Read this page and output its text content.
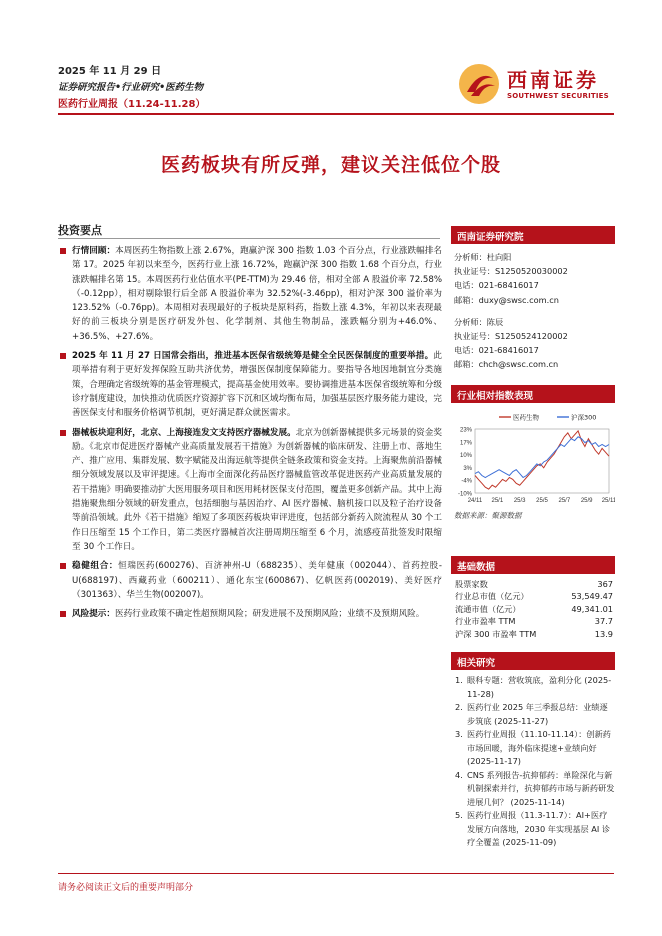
2025 年 11 月 29 日
证券研究报告•行业研究•医药生物
医药行业周报（11.24-11.28）
西南证券
SOUTHWEST SECURITIES
医药板块有所反弹，建议关注低位个股
投资要点

行情回顾：本周医药生物指数上涨 2.67%，跑赢沪深 300 指数 1.03 个百分点，行业涨跌幅排名第 17。2025 年初以来至今，医药行业上涨 16.72%，跑赢沪深 300 指数 1.68 个百分点，行业涨跌幅排名第 15。本周医药行业估值水平(PE-TTM)为 29.46 倍，相对全部 A 股溢价率 72.58%（-0.12pp），相对剔除银行后全部 A 股溢价率为 32.52%(-3.46pp)，相对沪深 300 溢价率为 123.52%（-0.76pp)。本周相对表现最好的子板块是原料药，指数上涨 4.3%，年初以来表现最好的前三板块分别是医疗研发外包、化学制剂、其他生物制品，涨跌幅分别为+46.0%、+36.5%、+27.6%。

2025 年 11 月 27 日国常会指出，推进基本医保省级统筹是健全全民医保制度的重要举措。此项举措有利于更好发挥保险互助共济优势，增强医保制度保障能力。要指导各地因地制宜分类施策，合理确定省级统筹的基金管理模式，提高基金使用效率。要协调推进基本医保省级统筹和分级诊疗制度建设，加快推动优质医疗资源扩容下沉和区域均衡布局，加强基层医疗服务能力建设，完善医保支付和服务价格调节机制，更好满足群众就医需求。

器械板块迎利好，北京、上海接连发文支持医疗器械发展。北京为创新器械提供多元场景的资金奖励。《北京市促进医疗器械产业高质量发展若干措施》为创新器械的临床研发、注册上市、落地生产、推广应用、集群发展、数字赋能及出海远航等提供全链条政策和资金支持。上海聚焦前沿器械细分领域发展以及审评提速。《上海市全面深化药品医疗器械监管改革促进医药产业高质量发展的若干措施》明确要推动扩大医用服务项目和医用耗材医保支付范围，覆盖更多创新产品。其中上海措施聚焦细分领域的研发重点，包括细胞与基因治疗、AI 医疗器械、脑机接口以及粒子治疗设备等前沿领域。此外《若干措施》缩短了多项医药板块审评进度，包括部分新药入院流程从 30 个工作日压缩至 15 个工作日，第二类医疗器械首次注册周期压缩至 6 个月，流感疫苗批签发时限缩至 30 个工作日。

稳健组合：恒瑞医药(600276)、百济神州-U（688235）、美年健康（002044）、首药控股-U(688197)、西藏药业（600211）、通化东宝(600867)、亿帆医药(002019)、美好医疗（301363）、华兰生物(002007)。

风险提示：医药行业政策不确定性超预期风险；研发进展不及预期风险；业绩不及预期风险。

西南证券研究院
分析师：杜向阳
执业证号：S1250520030002
电话：021-68416017
邮箱：duxy@swsc.com.cn
分析师：陈辰
执业证号：S1250524120002
电话：021-68416017
邮箱：chch@swsc.com.cn
行业相对指数表现
23%
17%
10%
3%
-4%
-10%
24/11 25/1 25/3 25/5 25/7 25/9 25/11
医药生物	沪深300
数据来源：聚源数据
基础数据
股票家数	367
行业总市值（亿元）	53,549.47
流通市值（亿元）	49,341.01
行业市盈率 TTM	37.7
沪深 300 市盈率 TTM	13.9
相关研究
1. 眼科专题：营收筑底，盈利分化 (2025-11-28)
2. 医药行业 2025 年三季报总结：业绩逐步筑底 (2025-11-27)
3. 医药行业周报（11.10-11.14）：创新药市场回暖，海外临床提速+业绩向好 (2025-11-17)
4. CNS 系列报告-抗抑郁药：单险深化与新机制探索并行，抗抑郁药市场与新药研发进展几何？ (2025-11-14)
5. 医药行业周报（11.3-11.7）：AI+医疗发展方向落地，2030 年实现基层 AI 诊疗全覆盖 (2025-11-09)
请务必阅读正文后的重要声明部分
